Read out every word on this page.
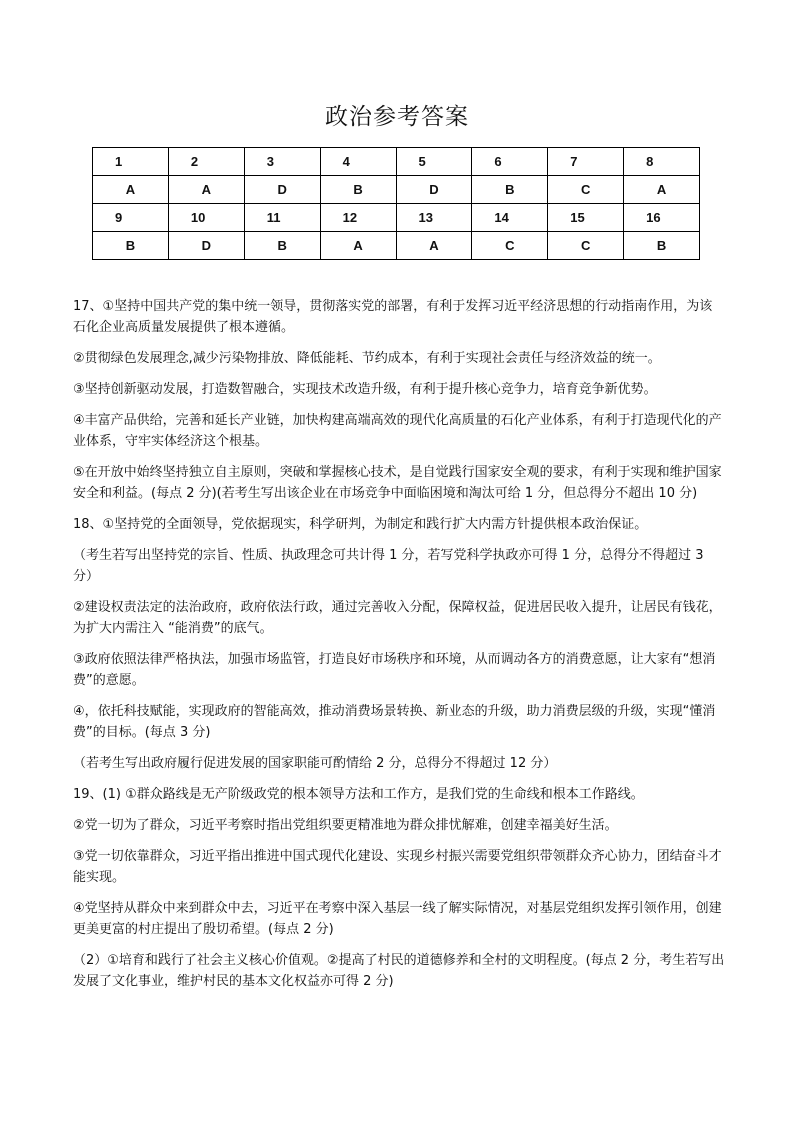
政治参考答案
1	2	3	4	5	6	7	8
A	A	D	B	D	B	C	A
9	10	11	12	13	14	15	16
B	D	B	A	A	C	C	B

17、①坚持中国共产党的集中统一领导，贯彻落实党的部署，有利于发挥习近平经济思想的行动指南作用，为该石化企业高质量发展提供了根本遵循。

②贯彻绿色发展理念,减少污染物排放、降低能耗、节约成本，有利于实现社会责任与经济效益的统一。

③坚持创新驱动发展，打造数智融合，实现技术改造升级，有利于提升核心竞争力，培育竞争新优势。

④丰富产品供给，完善和延长产业链，加快构建高端高效的现代化高质量的石化产业体系，有利于打造现代化的产业体系，守牢实体经济这个根基。

⑤在开放中始终坚持独立自主原则，突破和掌握核心技术，是自觉践行国家安全观的要求，有利于实现和维护国家安全和利益。(每点 2 分)(若考生写出该企业在市场竞争中面临困境和淘汰可给 1 分，但总得分不超出 10 分)

18、①坚持党的全面领导，党依据现实，科学研判，为制定和践行扩大内需方针提供根本政治保证。

（考生若写出坚持党的宗旨、性质、执政理念可共计得 1 分，若写党科学执政亦可得 1 分，总得分不得超过 3 分）

②建设权责法定的法治政府，政府依法行政，通过完善收入分配，保障权益，促进居民收入提升，让居民有钱花，为扩大内需注入 “能消费”的底气。

③政府依照法律严格执法，加强市场监管，打造良好市场秩序和环境，从而调动各方的消费意愿，让大家有“想消费”的意愿。

④，依托科技赋能，实现政府的智能高效，推动消费场景转换、新业态的升级，助力消费层级的升级，实现“懂消费”的目标。(每点 3 分)

（若考生写出政府履行促进发展的国家职能可酌情给 2 分，总得分不得超过 12 分）

19、(1) ①群众路线是无产阶级政党的根本领导方法和工作方，是我们党的生命线和根本工作路线。

②党一切为了群众，习近平考察时指出党组织要更精准地为群众排忧解难，创建幸福美好生活。

③党一切依靠群众，习近平指出推进中国式现代化建设、实现乡村振兴需要党组织带领群众齐心协力，团结奋斗才能实现。

④党坚持从群众中来到群众中去，习近平在考察中深入基层一线了解实际情况，对基层党组织发挥引领作用，创建更美更富的村庄提出了殷切希望。(每点 2 分)

（2）①培育和践行了社会主义核心价值观。②提高了村民的道德修养和全村的文明程度。(每点 2 分，考生若写出发展了文化事业，维护村民的基本文化权益亦可得 2 分)
